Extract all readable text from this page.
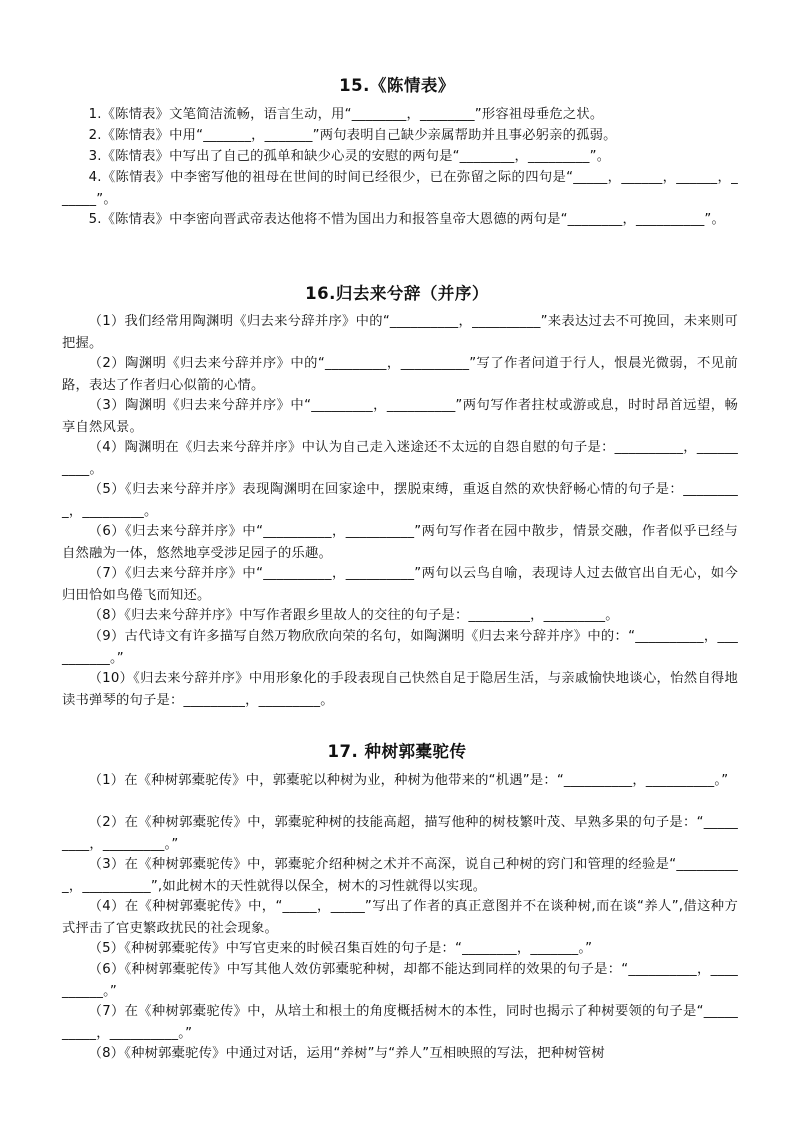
15.《陈情表》
1.《陈情表》文笔简洁流畅，语言生动，用“________，________”形容祖母垂危之状。
2.《陈情表》中用“_______，_______”两句表明自己缺少亲属帮助并且事必躬亲的孤弱。
3.《陈情表》中写出了自己的孤单和缺少心灵的安慰的两句是“________，_________”。
4.《陈情表》中李密写他的祖母在世间的时间已经很少，已在弥留之际的四句是“_____，______，______，______”。
5.《陈情表》中李密向晋武帝表达他将不惜为国出力和报答皇帝大恩德的两句是“________，__________”。
16.归去来兮辞（并序）
（1）我们经常用陶渊明《归去来兮辞并序》中的“__________，__________”来表达过去不可挽回，未来则可把握。
（2）陶渊明《归去来兮辞并序》中的“_________，__________”写了作者问道于行人，恨晨光微弱，不见前路，表达了作者归心似箭的心情。
（3）陶渊明《归去来兮辞并序》中“_________，__________”两句写作者拄杖或游或息，时时昂首远望，畅享自然风景。
（4）陶渊明在《归去来兮辞并序》中认为自己走入迷途还不太远的自怨自慰的句子是：__________，__________。
（5）《归去来兮辞并序》表现陶渊明在回家途中，摆脱束缚，重返自然的欢快舒畅心情的句子是：_________，_________。
（6）《归去来兮辞并序》中“__________，__________”两句写作者在园中散步，情景交融，作者似乎已经与自然融为一体，悠然地享受涉足园子的乐趣。
（7）《归去来兮辞并序》中“__________，__________”两句以云鸟自喻，表现诗人过去做官出自无心，如今归田恰如鸟倦飞而知还。
（8）《归去来兮辞并序》中写作者跟乡里故人的交往的句子是：_________，_________。
（9）古代诗文有许多描写自然万物欣欣向荣的名句，如陶渊明《归去来兮辞并序》中的：“__________，__________。”
（10）《归去来兮辞并序》中用形象化的手段表现自己快然自足于隐居生活，与亲戚愉快地谈心，怡然自得地读书弹琴的句子是：_________，_________。
17. 种树郭橐驼传
（1）在《种树郭橐驼传》中，郭橐驼以种树为业，种树为他带来的“机遇”是：“__________，__________。”
（2）在《种树郭橐驼传》中，郭橐驼种树的技能高超，描写他种的树枝繁叶茂、早熟多果的句子是：“_________，_________。”
（3）在《种树郭橐驼传》中，郭橐驼介绍种树之术并不高深，说自己种树的窍门和管理的经验是“__________，__________”,如此树木的天性就得以保全，树木的习性就得以实现。
（4）在《种树郭橐驼传》中，“_____，_____”写出了作者的真正意图并不在谈种树,而在谈“养人”,借这种方式抨击了官吏繁政扰民的社会现象。
（5）《种树郭橐驼传》中写官吏来的时候召集百姓的句子是：“________，_______。”
（6）《种树郭橐驼传》中写其他人效仿郭橐驼种树，却都不能达到同样的效果的句子是：“__________，__________。”
（7）在《种树郭橐驼传》中，从培土和根土的角度概括树木的本性，同时也揭示了种树要领的句子是“__________，__________。”
（8）《种树郭橐驼传》中通过对话，运用“养树”与“养人”互相映照的写法，把种树管树
